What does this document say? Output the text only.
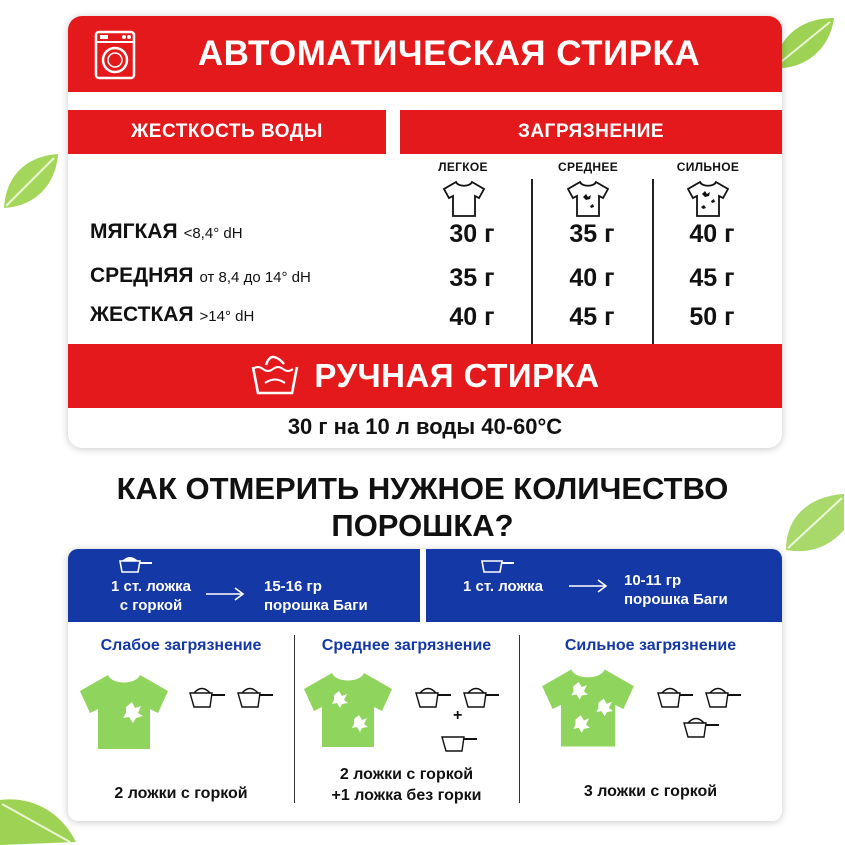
АВТОМАТИЧЕСКАЯ СТИРКА
ЖЕСТКОСТЬ ВОДЫ	ЗАГРЯЗНЕНИЕ
ЛЕГКОЕ	СРЕДНЕЕ	СИЛЬНОЕ
МЯГКАЯ <8,4° dH	30 г	35 г	40 г
СРЕДНЯЯ от 8,4 до 14° dH	35 г	40 г	45 г
ЖЕСТКАЯ >14° dH	40 г	45 г	50 г
РУЧНАЯ СТИРКА
30 г на 10 л воды 40-60°С
КАК ОТМЕРИТЬ НУЖНОЕ КОЛИЧЕСТВО
ПОРОШКА?
1 ст. ложка
с горкой
15-16 гр
порошка Баги
1 ст. ложка	10-11 гр
порошка Баги
Слабое загрязнение
2 ложки с горкой
Среднее загрязнение
+
2 ложки с горкой
+1 ложка без горки
Сильное загрязнение
3 ложки с горкой
